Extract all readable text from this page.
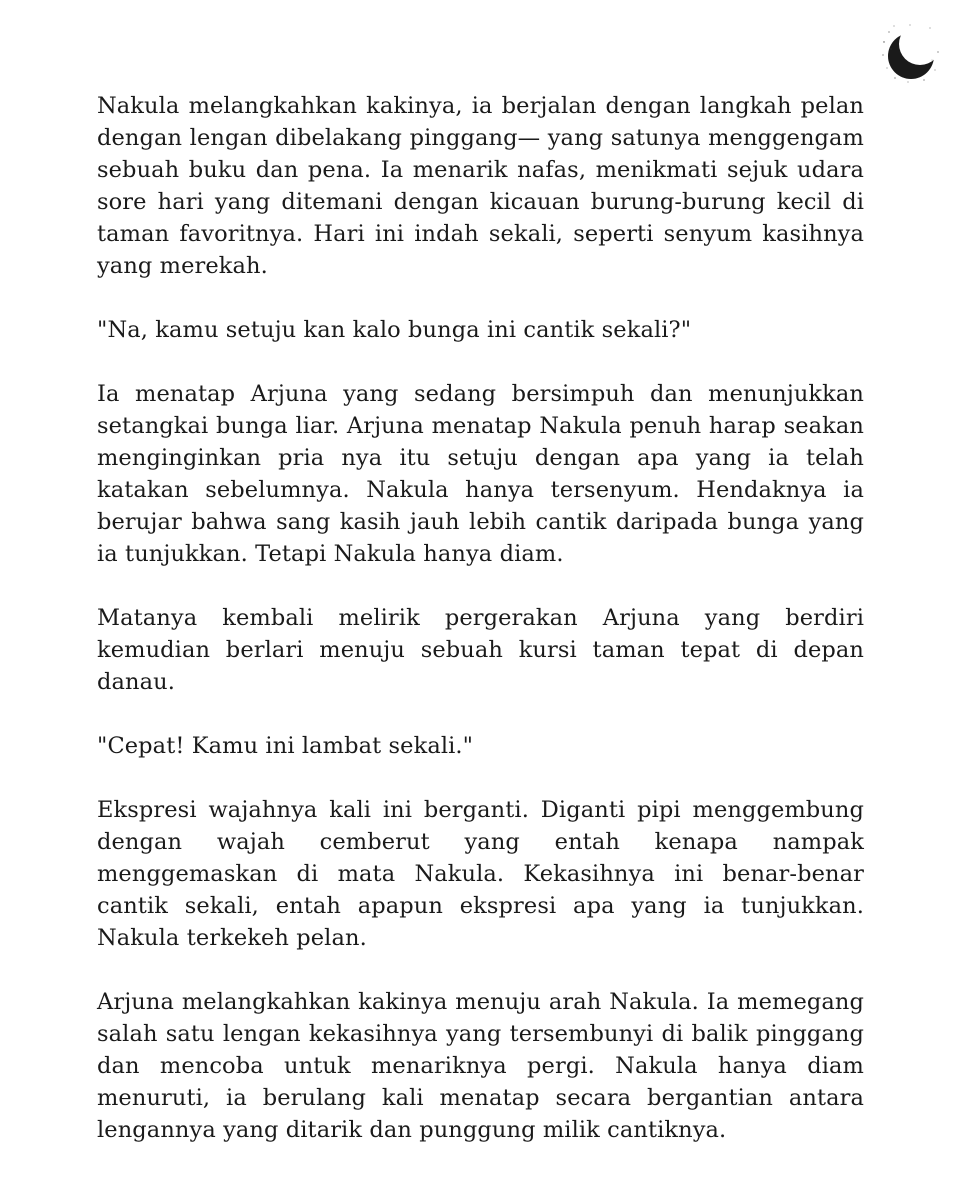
Nakula melangkahkan kakinya, ia berjalan dengan langkah pelan dengan lengan dibelakang pinggang— yang satunya menggengam sebuah buku dan pena. Ia menarik nafas, menikmati sejuk udara sore hari yang ditemani dengan kicauan burung-burung kecil di taman favoritnya. Hari ini indah sekali, seperti senyum kasihnya yang merekah.

"Na, kamu setuju kan kalo bunga ini cantik sekali?"

Ia menatap Arjuna yang sedang bersimpuh dan menunjukkan setangkai bunga liar. Arjuna menatap Nakula penuh harap seakan menginginkan pria nya itu setuju dengan apa yang ia telah katakan sebelumnya. Nakula hanya tersenyum. Hendaknya ia berujar bahwa sang kasih jauh lebih cantik daripada bunga yang ia tunjukkan. Tetapi Nakula hanya diam.

Matanya kembali melirik pergerakan Arjuna yang berdiri kemudian berlari menuju sebuah kursi taman tepat di depan danau.

"Cepat! Kamu ini lambat sekali."

Ekspresi wajahnya kali ini berganti. Diganti pipi menggembung dengan wajah cemberut yang entah kenapa nampak menggemaskan di mata Nakula. Kekasihnya ini benar-benar cantik sekali, entah apapun ekspresi apa yang ia tunjukkan. Nakula terkekeh pelan.

Arjuna melangkahkan kakinya menuju arah Nakula. Ia memegang salah satu lengan kekasihnya yang tersembunyi di balik pinggang dan mencoba untuk menariknya pergi. Nakula hanya diam menuruti, ia berulang kali menatap secara bergantian antara lengannya yang ditarik dan punggung milik cantiknya.
